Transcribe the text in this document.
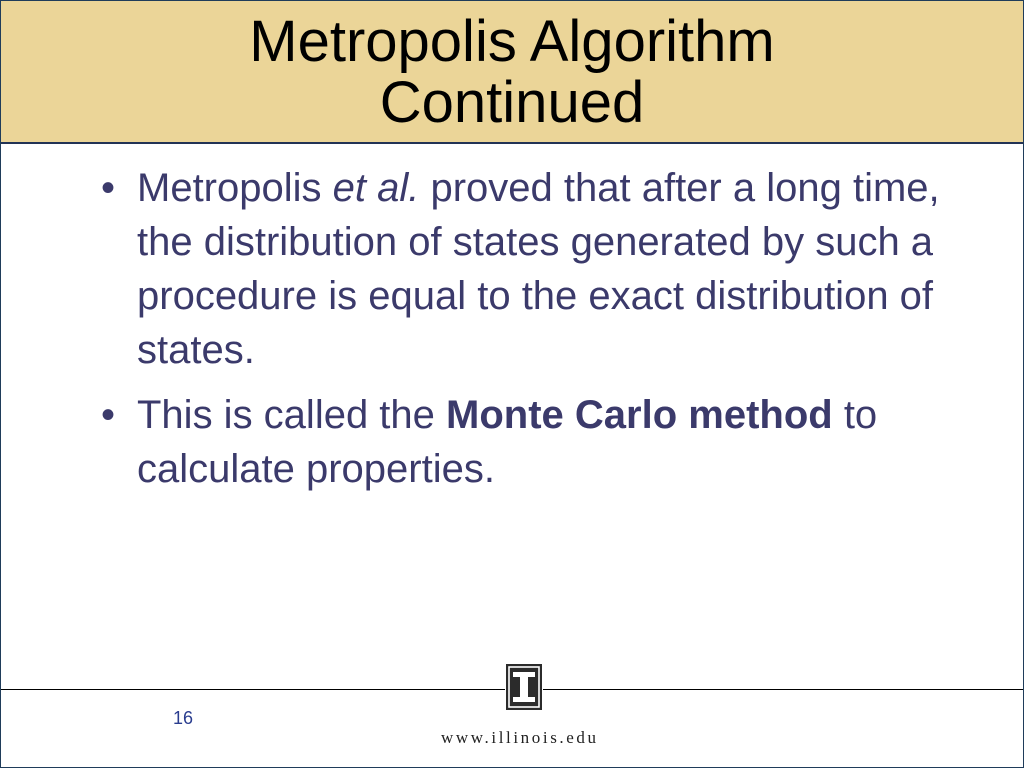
Metropolis Algorithm
Continued
• Metropolis et al. proved that after a long time, the distribution of states generated by such a procedure is equal to the exact distribution of states.
• This is called the Monte Carlo method to calculate properties.
16
www.illinois.edu
